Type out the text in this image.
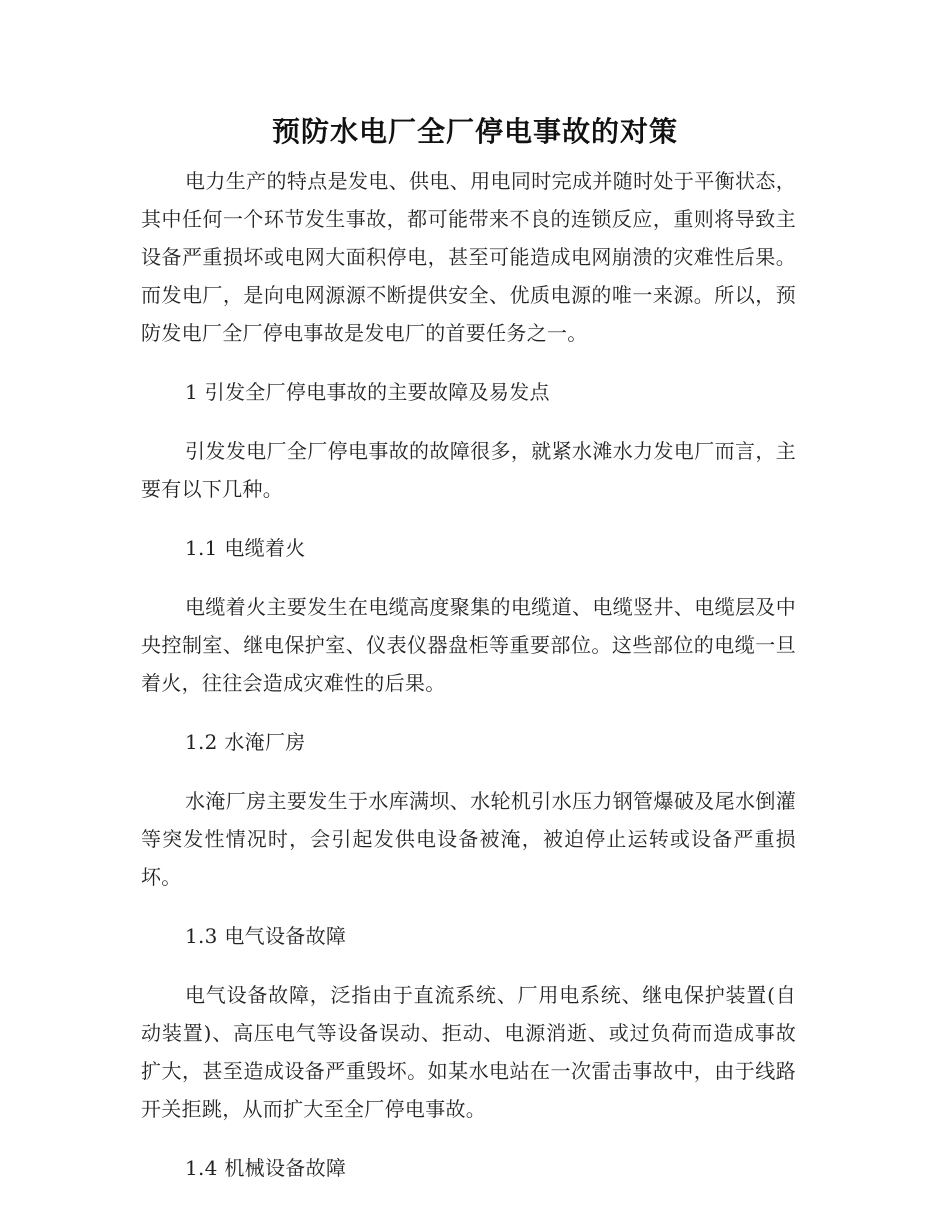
预防水电厂全厂停电事故的对策

电力生产的特点是发电、供电、用电同时完成并随时处于平衡状态，其中任何一个环节发生事故，都可能带来不良的连锁反应，重则将导致主设备严重损坏或电网大面积停电，甚至可能造成电网崩溃的灾难性后果。而发电厂，是向电网源源不断提供安全、优质电源的唯一来源。所以，预防发电厂全厂停电事故是发电厂的首要任务之一。

1 引发全厂停电事故的主要故障及易发点

引发发电厂全厂停电事故的故障很多，就紧水滩水力发电厂而言，主要有以下几种。

1.1 电缆着火

电缆着火主要发生在电缆高度聚集的电缆道、电缆竖井、电缆层及中央控制室、继电保护室、仪表仪器盘柜等重要部位。这些部位的电缆一旦着火，往往会造成灾难性的后果。

1.2 水淹厂房

水淹厂房主要发生于水库满坝、水轮机引水压力钢管爆破及尾水倒灌等突发性情况时，会引起发供电设备被淹，被迫停止运转或设备严重损坏。

1.3 电气设备故障

电气设备故障，泛指由于直流系统、厂用电系统、继电保护装置(自动装置)、高压电气等设备误动、拒动、电源消逝、或过负荷而造成事故扩大，甚至造成设备严重毁坏。如某水电站在一次雷击事故中，由于线路开关拒跳，从而扩大至全厂停电事故。

1.4 机械设备故障
